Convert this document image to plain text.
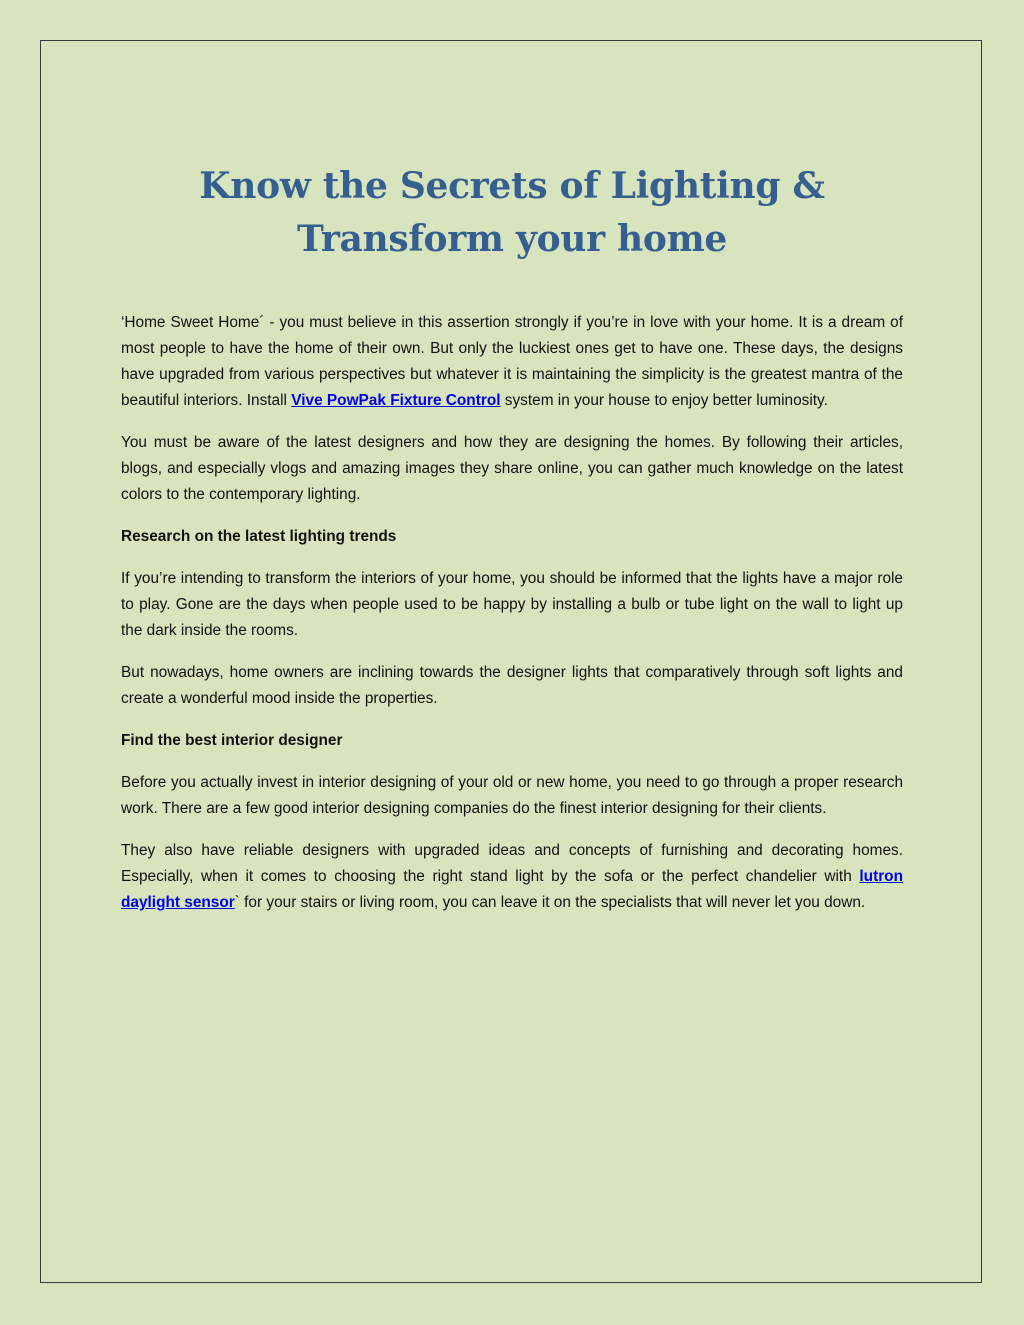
Know the Secrets of Lighting & Transform your home

‘Home Sweet Home´ - you must believe in this assertion strongly if you’re in love with your home. It is a dream of most people to have the home of their own. But only the luckiest ones get to have one. These days, the designs have upgraded from various perspectives but whatever it is maintaining the simplicity is the greatest mantra of the beautiful interiors. Install Vive PowPak Fixture Control system in your house to enjoy better luminosity.

You must be aware of the latest designers and how they are designing the homes. By following their articles, blogs, and especially vlogs and amazing images they share online, you can gather much knowledge on the latest colors to the contemporary lighting.

Research on the latest lighting trends

If you’re intending to transform the interiors of your home, you should be informed that the lights have a major role to play. Gone are the days when people used to be happy by installing a bulb or tube light on the wall to light up the dark inside the rooms.

But nowadays, home owners are inclining towards the designer lights that comparatively through soft lights and create a wonderful mood inside the properties.

Find the best interior designer

Before you actually invest in interior designing of your old or new home, you need to go through a proper research work. There are a few good interior designing companies do the finest interior designing for their clients.

They also have reliable designers with upgraded ideas and concepts of furnishing and decorating homes. Especially, when it comes to choosing the right stand light by the sofa or the perfect chandelier with lutron daylight sensor` for your stairs or living room, you can leave it on the specialists that will never let you down.
